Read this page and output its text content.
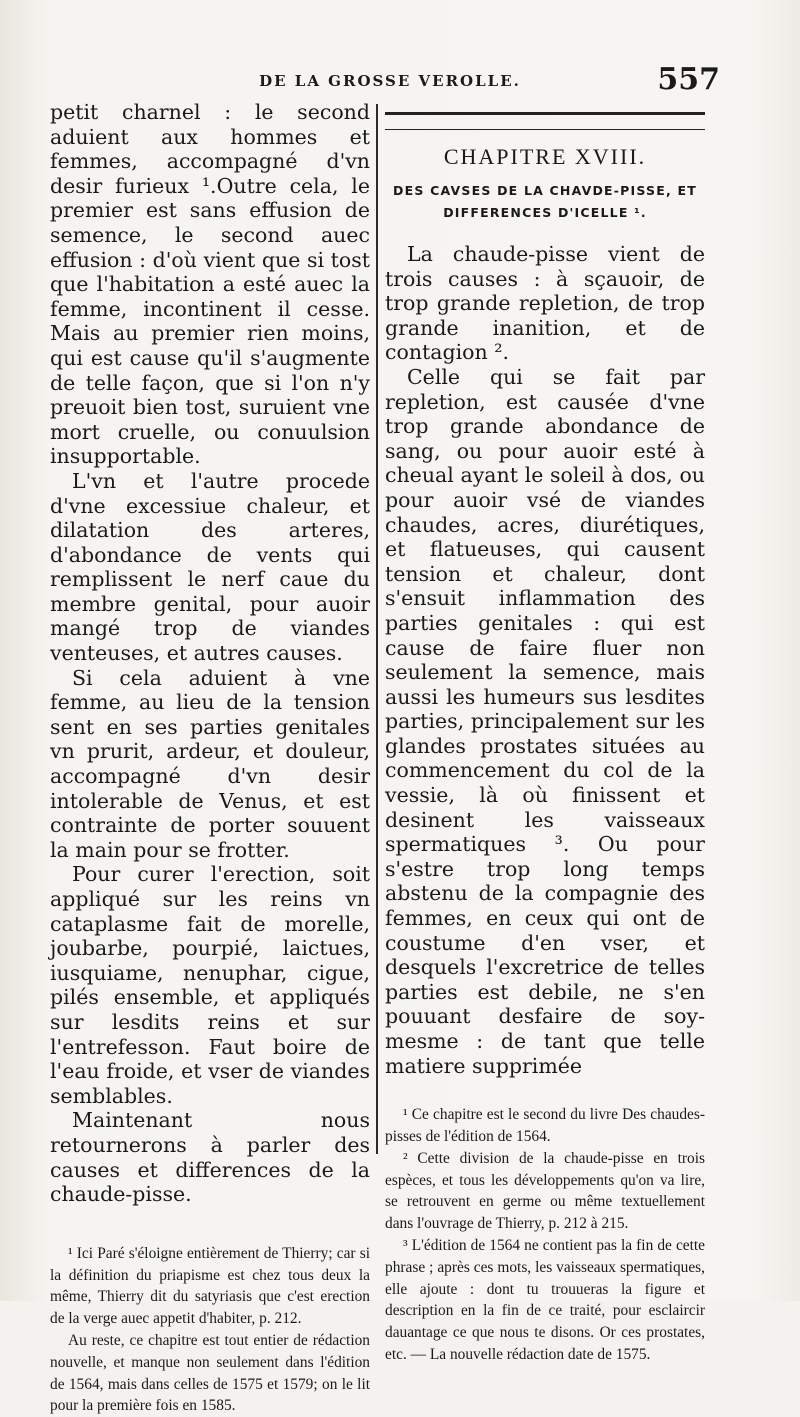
DE LA GROSSE VEROLLE.	557

petit charnel : le second aduient aux hommes et femmes, accompagné d'vn desir furieux ¹.Outre cela, le premier est sans effusion de semence, le second auec effusion : d'où vient que si tost que l'habitation a esté auec la femme, incontinent il cesse. Mais au premier rien moins, qui est cause qu'il s'augmente de telle façon, que si l'on n'y preuoit bien tost, suruient vne mort cruelle, ou conuulsion insupportable.

L'vn et l'autre procede d'vne excessiue chaleur, et dilatation des arteres, d'abondance de vents qui remplissent le nerf caue du membre genital, pour auoir mangé trop de viandes venteuses, et autres causes.

Si cela aduient à vne femme, au lieu de la tension sent en ses parties genitales vn prurit, ardeur, et douleur, accompagné d'vn desir intolerable de Venus, et est contrainte de porter souuent la main pour se frotter.

Pour curer l'erection, soit appliqué sur les reins vn cataplasme fait de morelle, joubarbe, pourpié, laictues, iusquiame, nenuphar, cigue, pilés ensemble, et appliqués sur lesdits reins et sur l'entrefesson. Faut boire de l'eau froide, et vser de viandes semblables.

Maintenant nous retournerons à parler des causes et differences de la chaude-pisse.

¹ Ici Paré s'éloigne entièrement de Thierry; car si la définition du priapisme est chez tous deux la même, Thierry dit du satyriasis que c'est erection de la verge auec appetit d'habiter, p. 212.

Au reste, ce chapitre est tout entier de rédaction nouvelle, et manque non seulement dans l'édition de 1564, mais dans celles de 1575 et 1579; on le lit pour la première fois en 1585.

CHAPITRE XVIII.
DES CAVSES DE LA CHAVDE-PISSE, ET DIFFERENCES D'ICELLE ¹.

La chaude-pisse vient de trois causes : à sçauoir, de trop grande repletion, de trop grande inanition, et de contagion ².

Celle qui se fait par repletion, est causée d'vne trop grande abondance de sang, ou pour auoir esté à cheual ayant le soleil à dos, ou pour auoir vsé de viandes chaudes, acres, diurétiques, et flatueuses, qui causent tension et chaleur, dont s'ensuit inflammation des parties genitales : qui est cause de faire fluer non seulement la semence, mais aussi les humeurs sus lesdites parties, principalement sur les glandes prostates situées au commencement du col de la vessie, là où finissent et desinent les vaisseaux spermatiques ³. Ou pour s'estre trop long temps abstenu de la compagnie des femmes, en ceux qui ont de coustume d'en vser, et desquels l'excretrice de telles parties est debile, ne s'en pouuant desfaire de soy-mesme : de tant que telle matiere supprimée

¹ Ce chapitre est le second du livre Des chaudes-pisses de l'édition de 1564.

² Cette division de la chaude-pisse en trois espèces, et tous les développements qu'on va lire, se retrouvent en germe ou même textuellement dans l'ouvrage de Thierry, p. 212 à 215.

³ L'édition de 1564 ne contient pas la fin de cette phrase ; après ces mots, les vaisseaux spermatiques, elle ajoute : dont tu trouueras la figure et description en la fin de ce traité, pour esclaircir dauantage ce que nous te disons. Or ces prostates, etc. — La nouvelle rédaction date de 1575.
